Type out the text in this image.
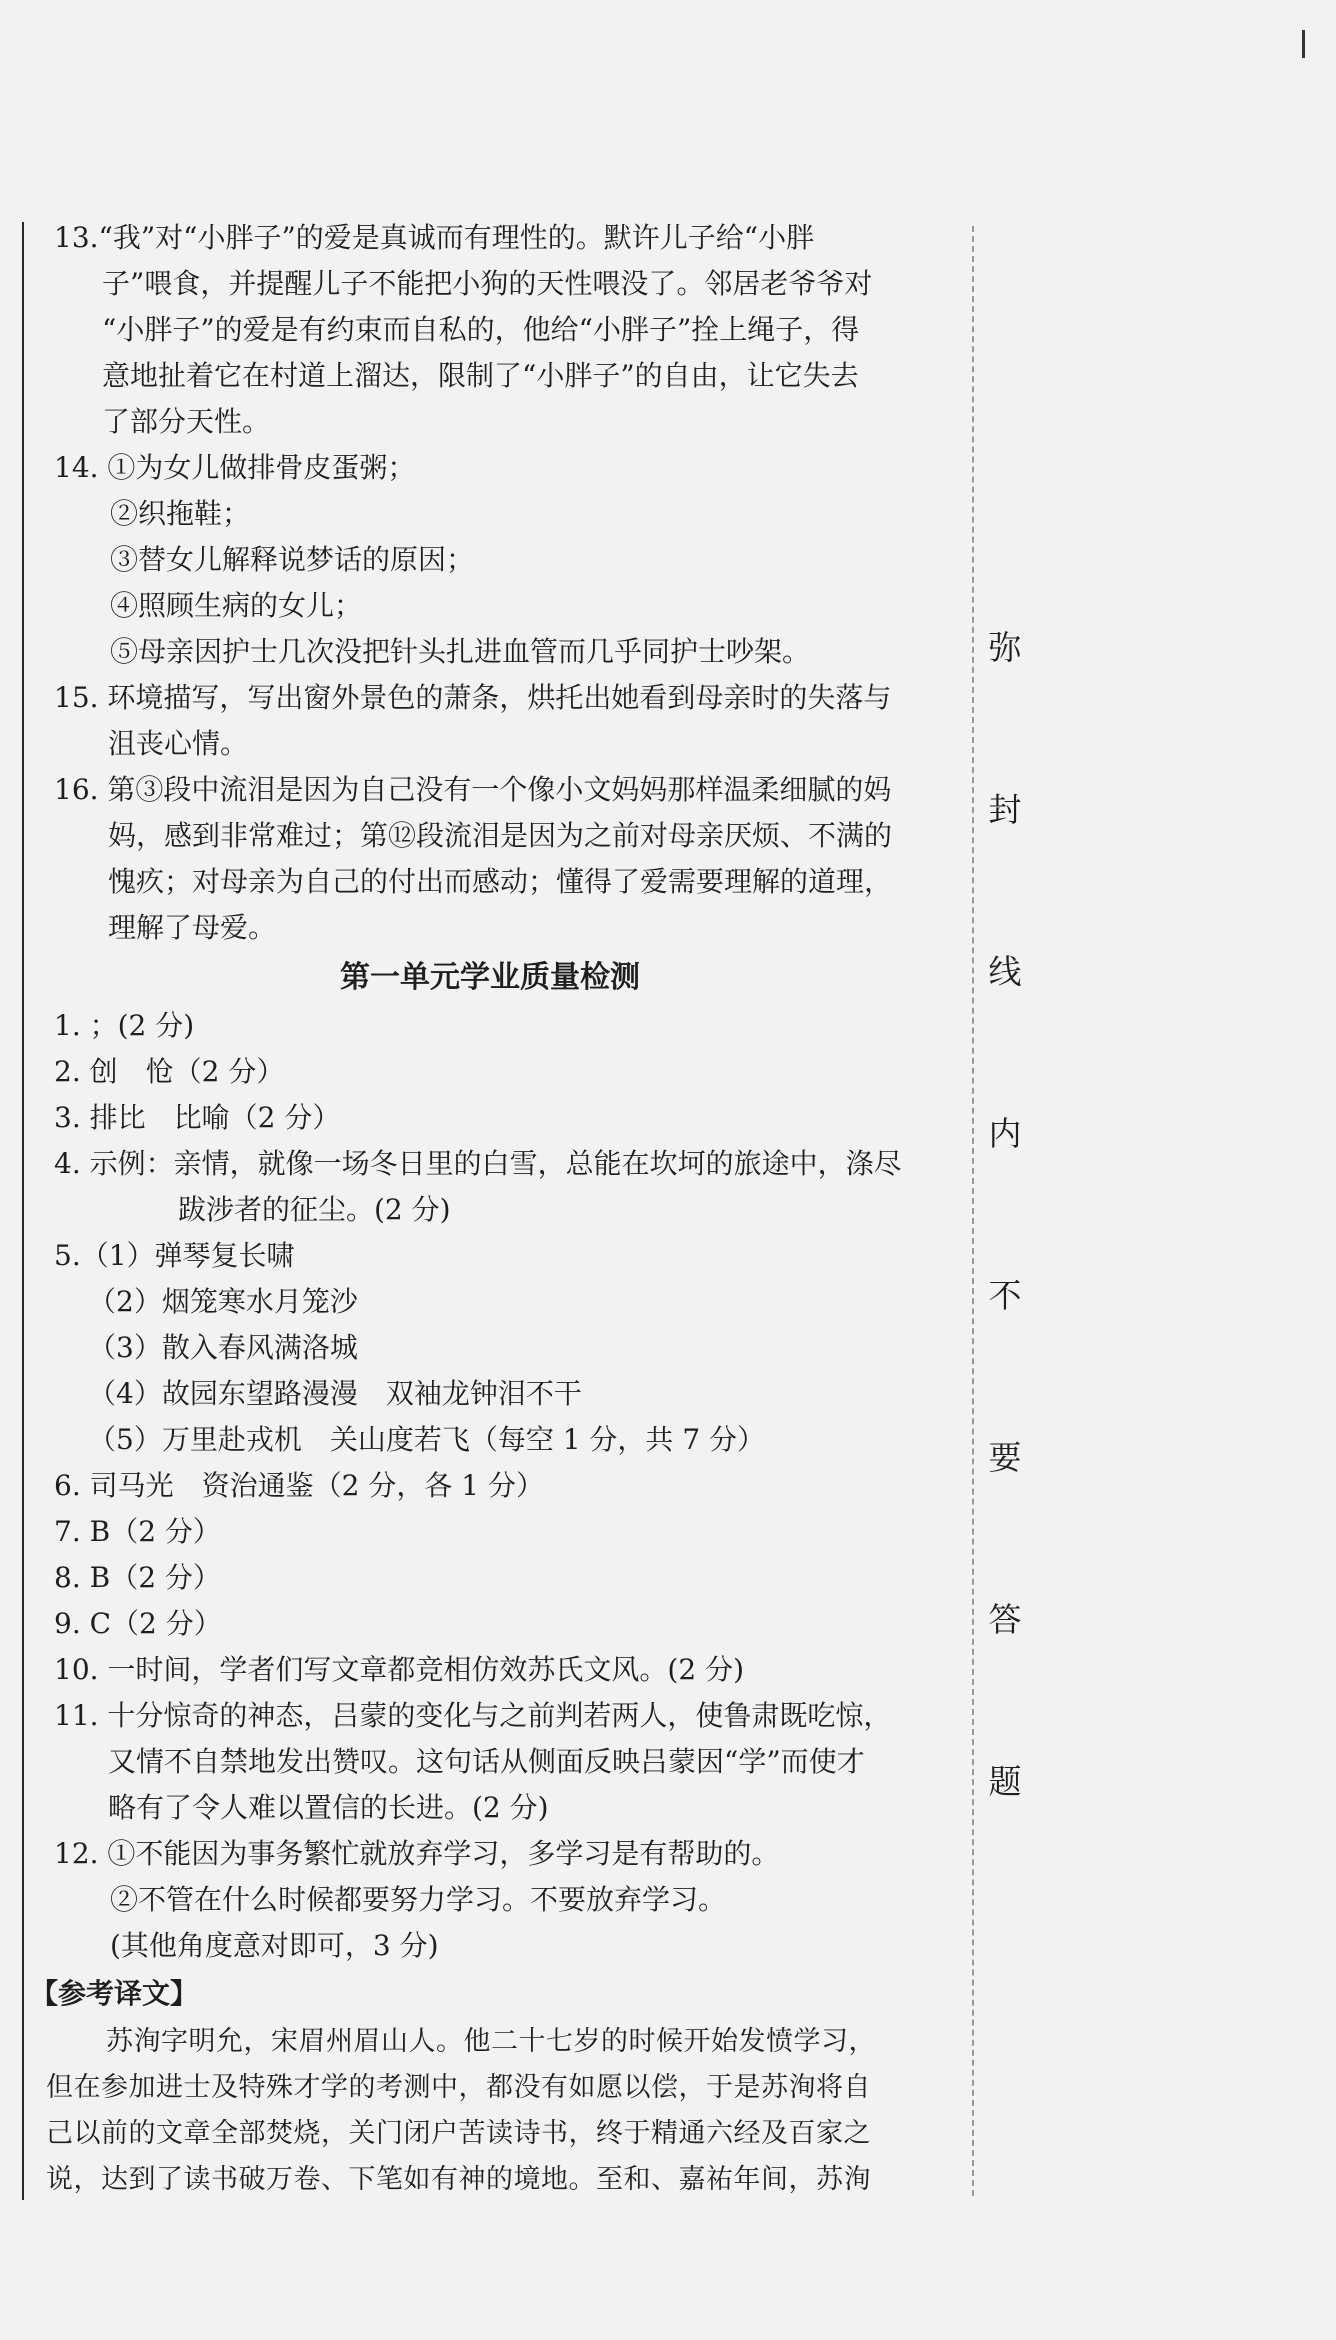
弥
封
线
内
不
要
答
题
13.“我”对“小胖子”的爱是真诚而有理性的。默许儿子给“小胖
子”喂食，并提醒儿子不能把小狗的天性喂没了。邻居老爷爷对
“小胖子”的爱是有约束而自私的，他给“小胖子”拴上绳子，得
意地扯着它在村道上溜达，限制了“小胖子”的自由，让它失去
了部分天性。
14. ①为女儿做排骨皮蛋粥；
②织拖鞋；
③替女儿解释说梦话的原因；
④照顾生病的女儿；
⑤母亲因护士几次没把针头扎进血管而几乎同护士吵架。
15. 环境描写，写出窗外景色的萧条，烘托出她看到母亲时的失落与
沮丧心情。
16. 第③段中流泪是因为自己没有一个像小文妈妈那样温柔细腻的妈
妈，感到非常难过；第⑫段流泪是因为之前对母亲厌烦、不满的
愧疚；对母亲为自己的付出而感动；懂得了爱需要理解的道理，
理解了母爱。
第一单元学业质量检测
1. ；(2 分)
2. 创　怆（2 分）
3. 排比　比喻（2 分）
4. 示例：亲情，就像一场冬日里的白雪，总能在坎坷的旅途中，涤尽
跋涉者的征尘。(2 分)
5.（1）弹琴复长啸
（2）烟笼寒水月笼沙
（3）散入春风满洛城
（4）故园东望路漫漫　双袖龙钟泪不干
（5）万里赴戎机　关山度若飞（每空 1 分，共 7 分）
6. 司马光　资治通鉴（2 分，各 1 分）
7. B（2 分）
8. B（2 分）
9. C（2 分）
10. 一时间，学者们写文章都竞相仿效苏氏文风。(2 分)
11. 十分惊奇的神态，吕蒙的变化与之前判若两人，使鲁肃既吃惊，
又情不自禁地发出赞叹。这句话从侧面反映吕蒙因“学”而使才
略有了令人难以置信的长进。(2 分)
12. ①不能因为事务繁忙就放弃学习，多学习是有帮助的。
②不管在什么时候都要努力学习。不要放弃学习。
(其他角度意对即可，3 分)
【参考译文】
苏洵字明允，宋眉州眉山人。他二十七岁的时候开始发愤学习，
但在参加进士及特殊才学的考测中，都没有如愿以偿，于是苏洵将自
己以前的文章全部焚烧，关门闭户苦读诗书，终于精通六经及百家之
说，达到了读书破万卷、下笔如有神的境地。至和、嘉祐年间，苏洵
